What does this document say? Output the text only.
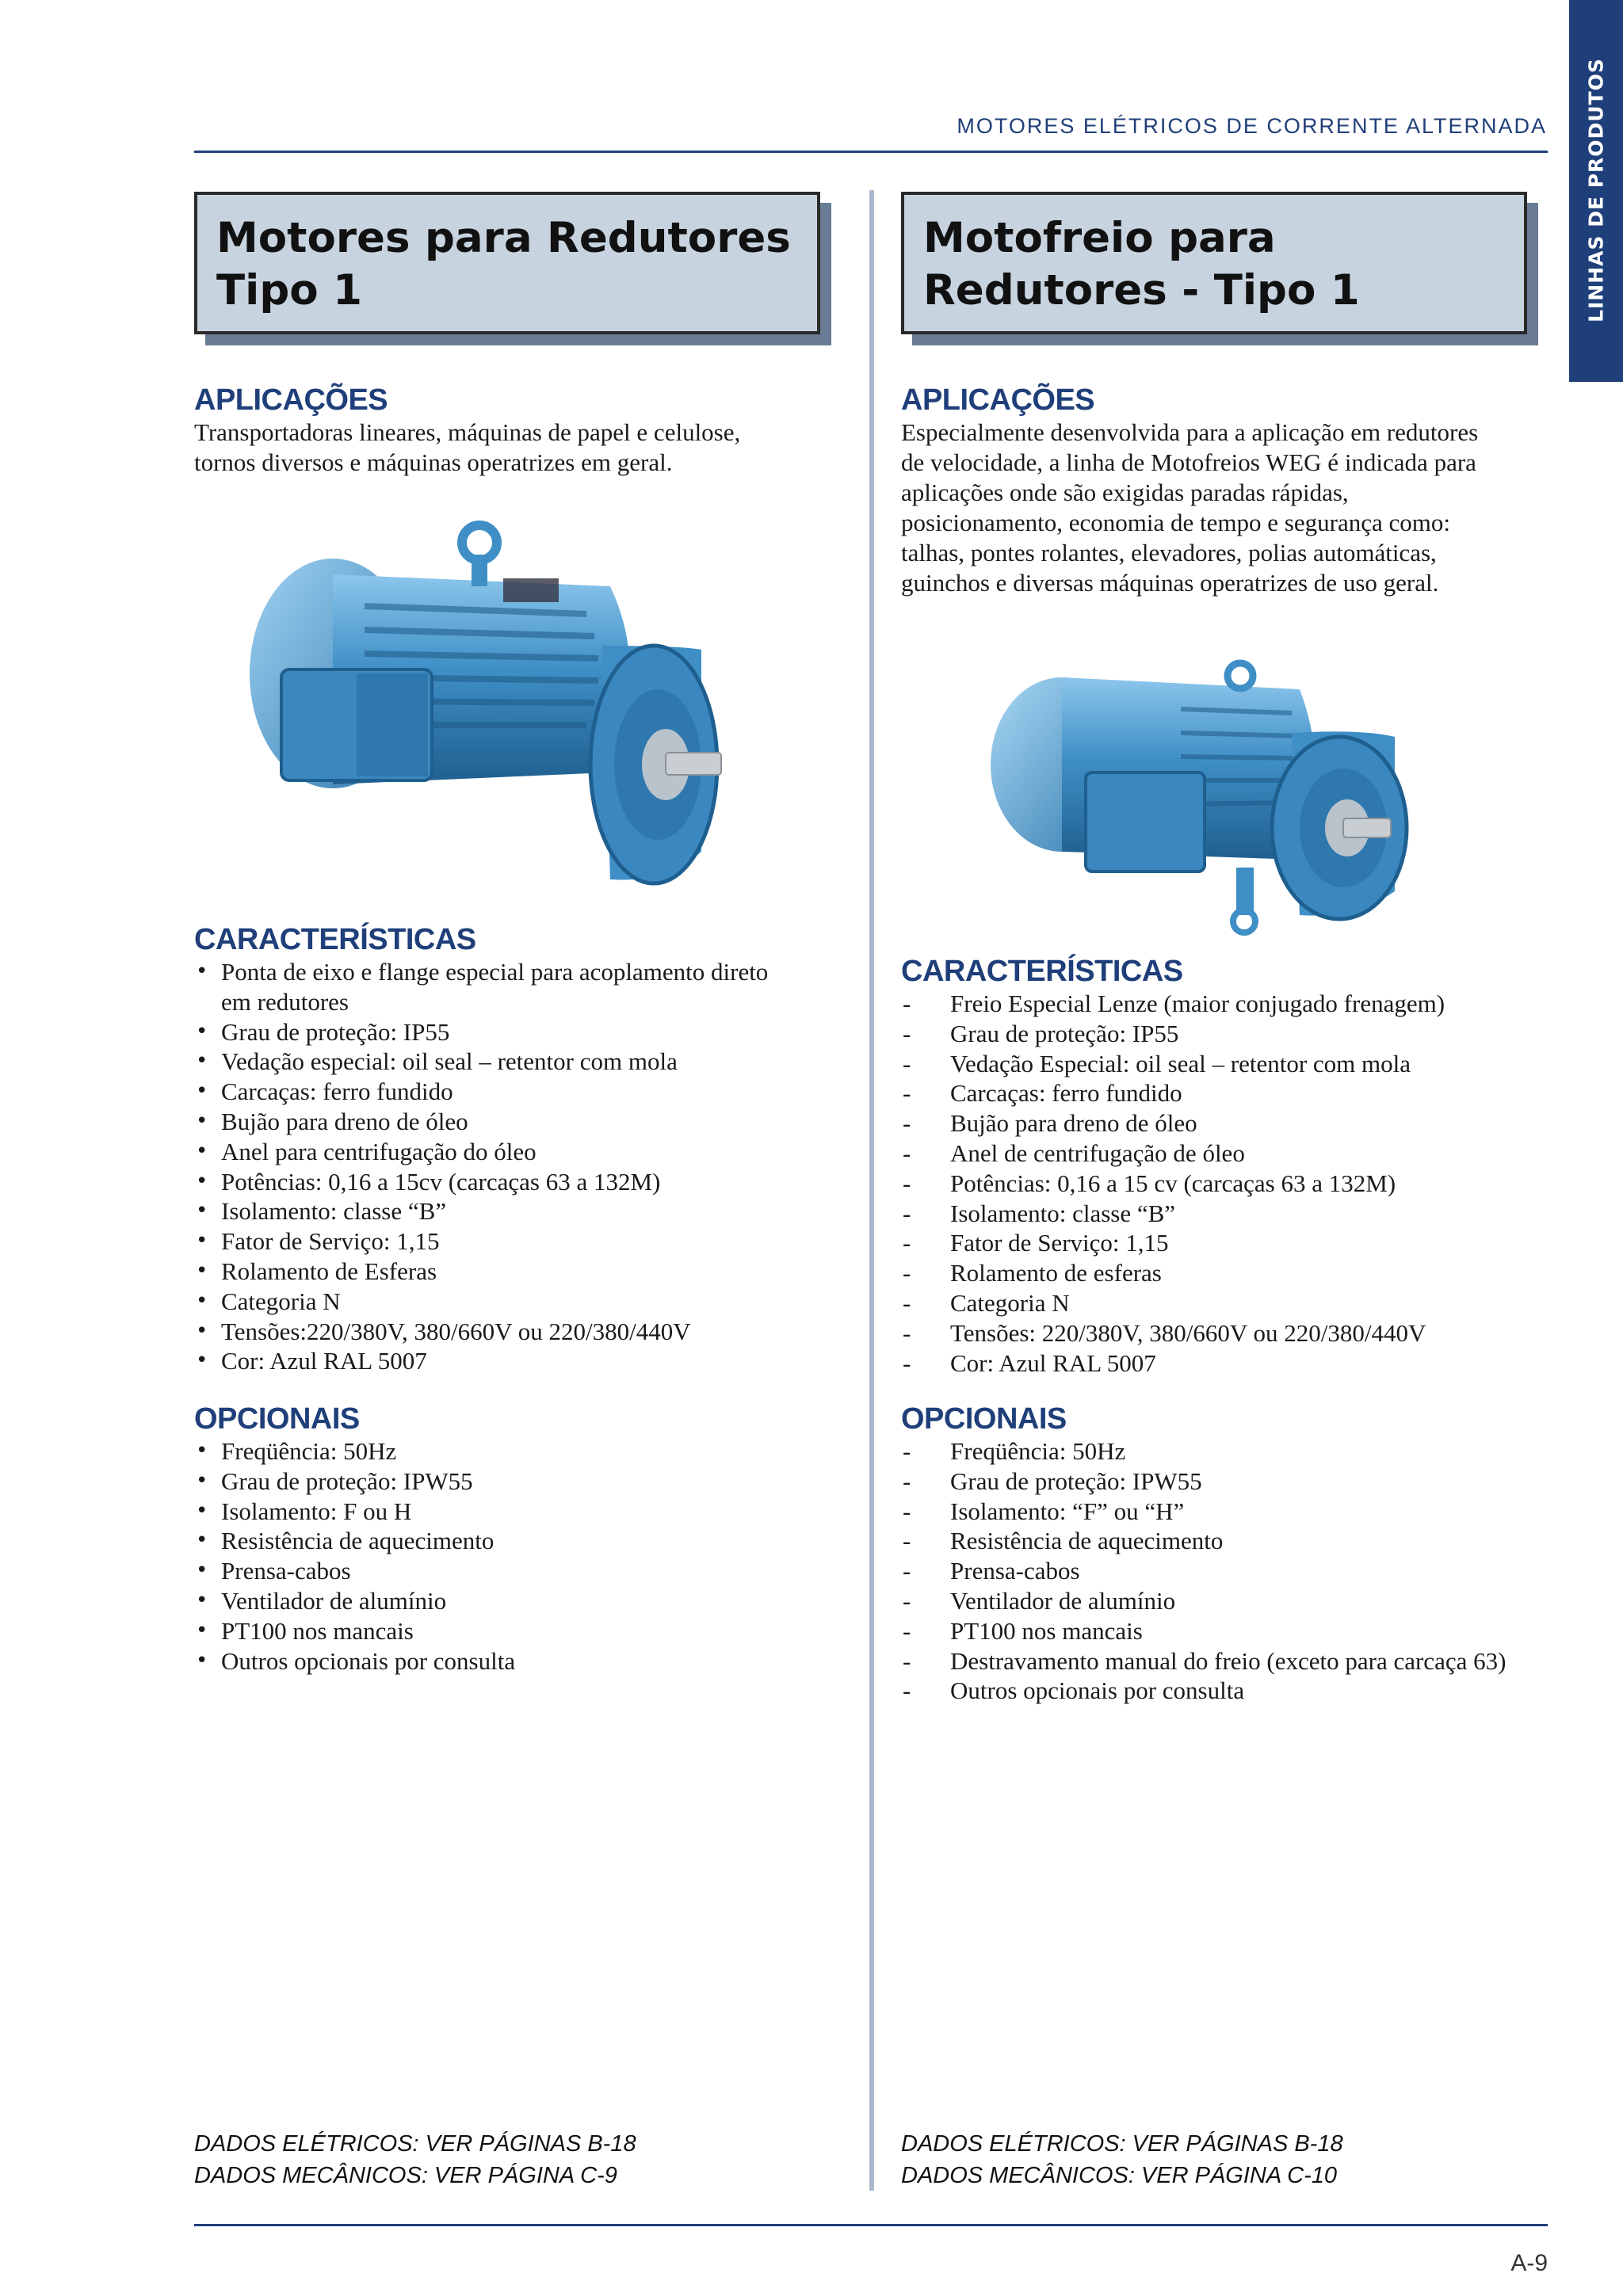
MOTORES ELÉTRICOS DE CORRENTE ALTERNADA LINHAS DE PRODUTOS
Motores para Redutores
Tipo 1
APLICAÇÕES
Transportadoras lineares, máquinas de papel e celulose,
tornos diversos e máquinas operatrizes em geral.
CARACTERÍSTICAS
• Ponta de eixo e flange especial para acoplamento direto
em redutores
• Grau de proteção: IP55
• Vedação especial: oil seal – retentor com mola
• Carcaças: ferro fundido
• Bujão para dreno de óleo
• Anel para centrifugação do óleo
• Potências: 0,16 a 15cv (carcaças 63 a 132M)
• Isolamento: classe “B”
• Fator de Serviço: 1,15
• Rolamento de Esferas
• Categoria N
• Tensões:220/380V, 380/660V ou 220/380/440V
• Cor: Azul RAL 5007
OPCIONAIS
• Freqüência: 50Hz
• Grau de proteção: IPW55
• Isolamento: F ou H
• Resistência de aquecimento
• Prensa-cabos
• Ventilador de alumínio
• PT100 nos mancais
• Outros opcionais por consulta
DADOS ELÉTRICOS: VER PÁGINAS B-18
DADOS MECÂNICOS: VER PÁGINA C-9
Motofreio para
Redutores - Tipo 1
APLICAÇÕES
Especialmente desenvolvida para a aplicação em redutores
de velocidade, a linha de Motofreios WEG é indicada para
aplicações onde são exigidas paradas rápidas,
posicionamento, economia de tempo e segurança como:
talhas, pontes rolantes, elevadores, polias automáticas,
guinchos e diversas máquinas operatrizes de uso geral.
CARACTERÍSTICAS
- Freio Especial Lenze (maior conjugado frenagem)
- Grau de proteção: IP55
- Vedação Especial: oil seal – retentor com mola
- Carcaças: ferro fundido
- Bujão para dreno de óleo
- Anel de centrifugação de óleo
- Potências: 0,16 a 15 cv (carcaças 63 a 132M)
- Isolamento: classe “B”
- Fator de Serviço: 1,15
- Rolamento de esferas
- Categoria N
- Tensões: 220/380V, 380/660V ou 220/380/440V
- Cor: Azul RAL 5007
OPCIONAIS
- Freqüência: 50Hz
- Grau de proteção: IPW55
- Isolamento: “F” ou “H”
- Resistência de aquecimento
- Prensa-cabos
- Ventilador de alumínio
- PT100 nos mancais
- Destravamento manual do freio (exceto para carcaça 63)
- Outros opcionais por consulta
DADOS ELÉTRICOS: VER PÁGINAS B-18
DADOS MECÂNICOS: VER PÁGINA C-10
A-9
